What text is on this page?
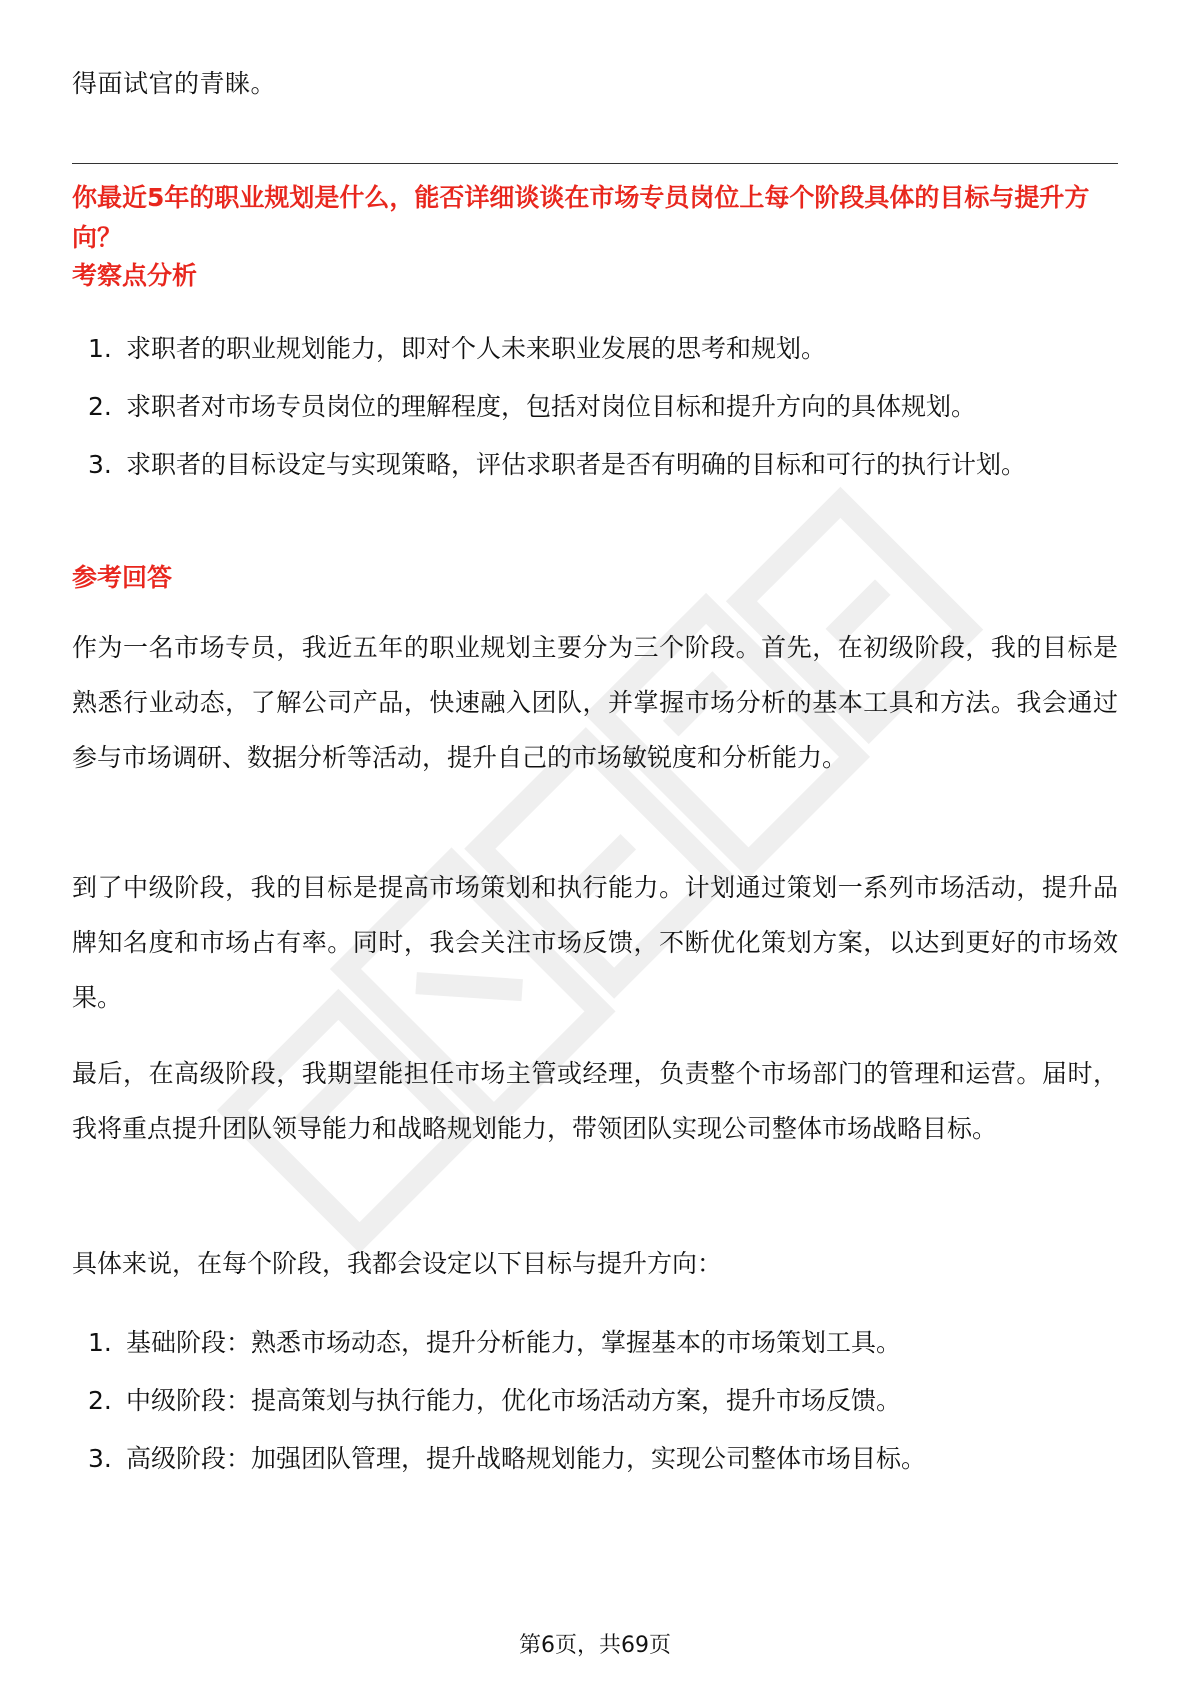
得面试官的青睐。

你最近5年的职业规划是什么，能否详细谈谈在市场专员岗位上每个阶段具体的目标与提升方向？

考察点分析

1. 求职者的职业规划能力，即对个人未来职业发展的思考和规划。
2. 求职者对市场专员岗位的理解程度，包括对岗位目标和提升方向的具体规划。
3. 求职者的目标设定与实现策略，评估求职者是否有明确的目标和可行的执行计划。

参考回答

作为一名市场专员，我近五年的职业规划主要分为三个阶段。首先，在初级阶段，我的目标是熟悉行业动态，了解公司产品，快速融入团队，并掌握市场分析的基本工具和方法。我会通过参与市场调研、数据分析等活动，提升自己的市场敏锐度和分析能力。

到了中级阶段，我的目标是提高市场策划和执行能力。计划通过策划一系列市场活动，提升品牌知名度和市场占有率。同时，我会关注市场反馈，不断优化策划方案，以达到更好的市场效果。

最后，在高级阶段，我期望能担任市场主管或经理，负责整个市场部门的管理和运营。届时，我将重点提升团队领导能力和战略规划能力，带领团队实现公司整体市场战略目标。

具体来说，在每个阶段，我都会设定以下目标与提升方向：

1. 基础阶段：熟悉市场动态，提升分析能力，掌握基本的市场策划工具。
2. 中级阶段：提高策划与执行能力，优化市场活动方案，提升市场反馈。
3. 高级阶段：加强团队管理，提升战略规划能力，实现公司整体市场目标。
第6页，共69页
